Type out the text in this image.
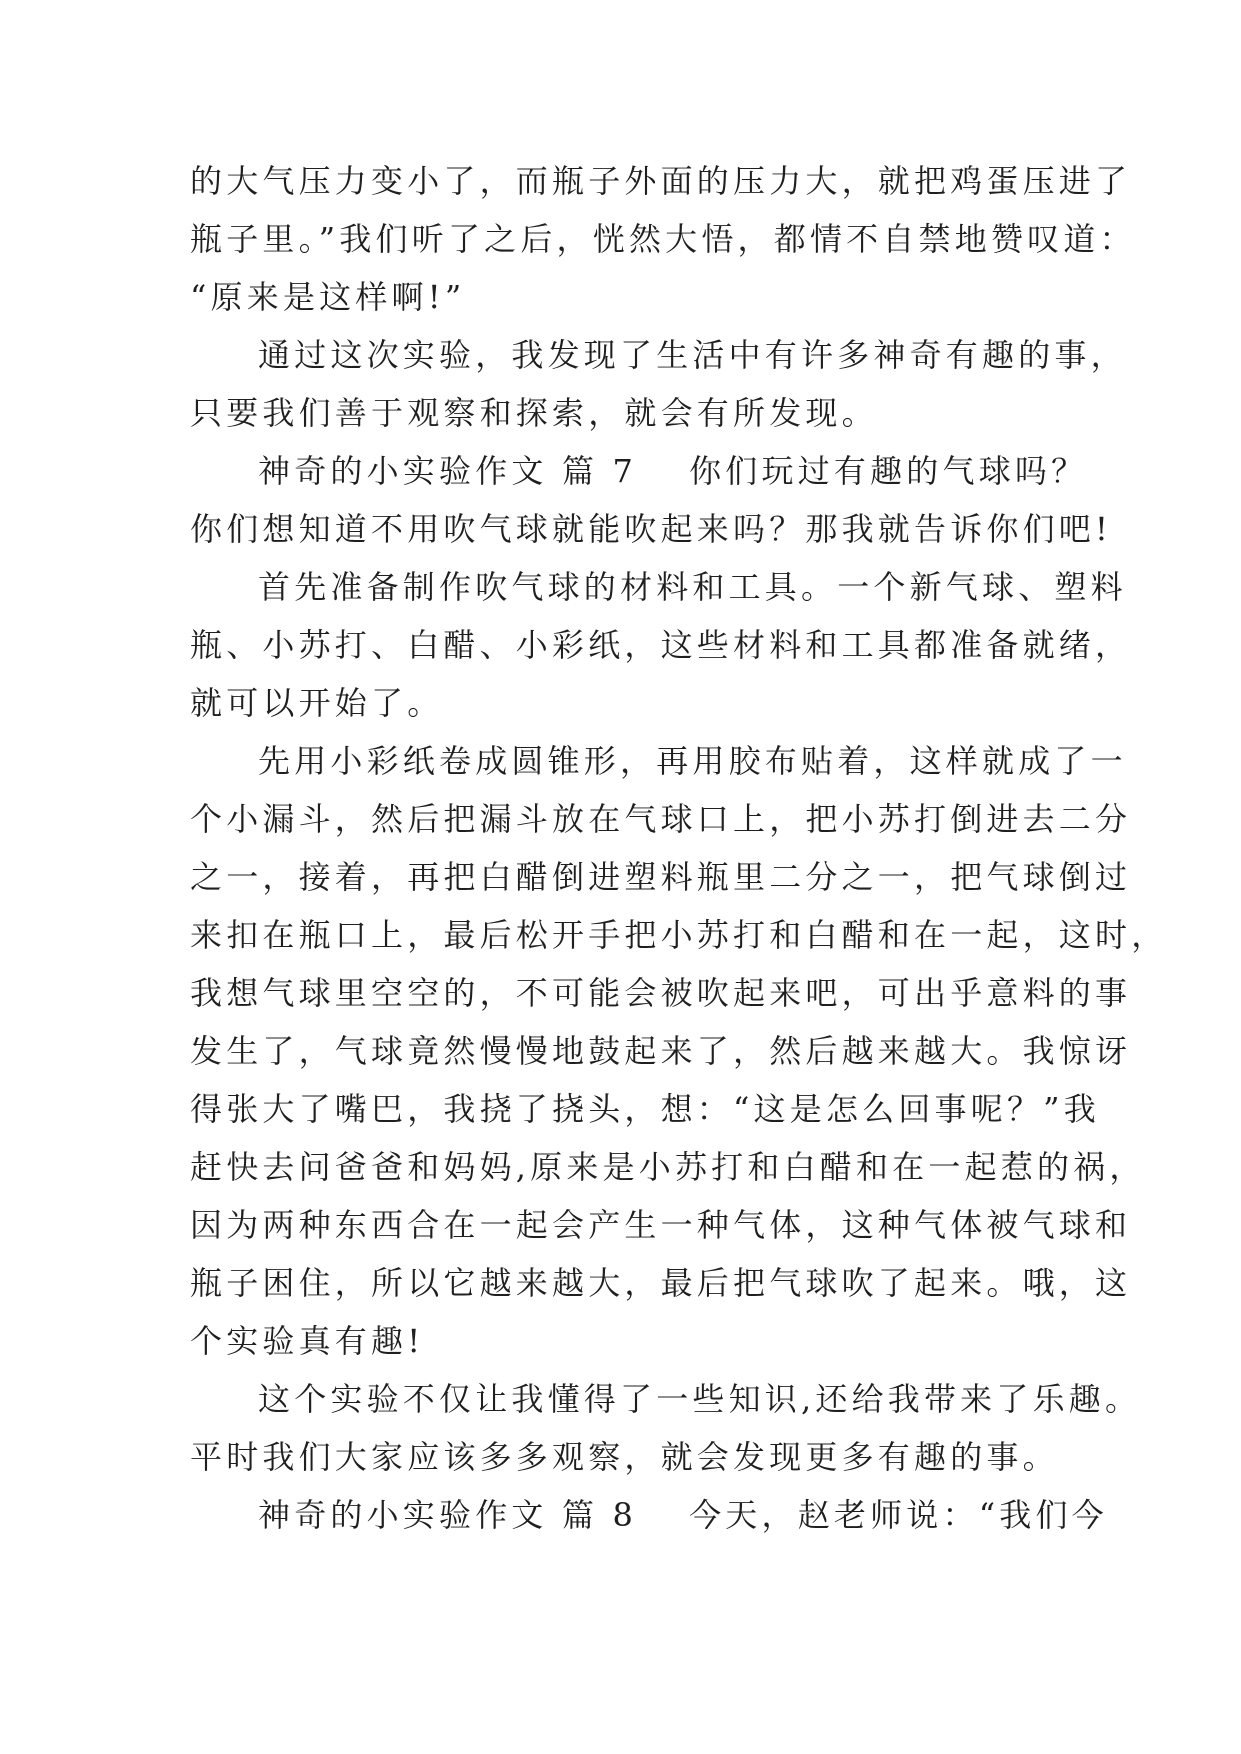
的大气压力变小了，而瓶子外面的压力大，就把鸡蛋压进了
瓶子里。”我们听了之后，恍然大悟，都情不自禁地赞叹道：
“原来是这样啊!”
通过这次实验，我发现了生活中有许多神奇有趣的事，
只要我们善于观察和探索，就会有所发现。
神奇的小实验作文 篇 7 你们玩过有趣的气球吗？
你们想知道不用吹气球就能吹起来吗？那我就告诉你们吧!
首先准备制作吹气球的材料和工具。一个新气球、塑料
瓶、小苏打、白醋、小彩纸，这些材料和工具都准备就绪，
就可以开始了。
先用小彩纸卷成圆锥形，再用胶布贴着，这样就成了一
个小漏斗，然后把漏斗放在气球口上，把小苏打倒进去二分
之一，接着，再把白醋倒进塑料瓶里二分之一，把气球倒过
来扣在瓶口上，最后松开手把小苏打和白醋和在一起，这时，
我想气球里空空的，不可能会被吹起来吧，可出乎意料的事
发生了，气球竟然慢慢地鼓起来了，然后越来越大。我惊讶
得张大了嘴巴，我挠了挠头，想：“这是怎么回事呢？”我
赶快去问爸爸和妈妈,原来是小苏打和白醋和在一起惹的祸，
因为两种东西合在一起会产生一种气体，这种气体被气球和
瓶子困住，所以它越来越大，最后把气球吹了起来。哦，这
个实验真有趣!
这个实验不仅让我懂得了一些知识,还给我带来了乐趣。
平时我们大家应该多多观察，就会发现更多有趣的事。
神奇的小实验作文 篇 8 今天，赵老师说：“我们今
